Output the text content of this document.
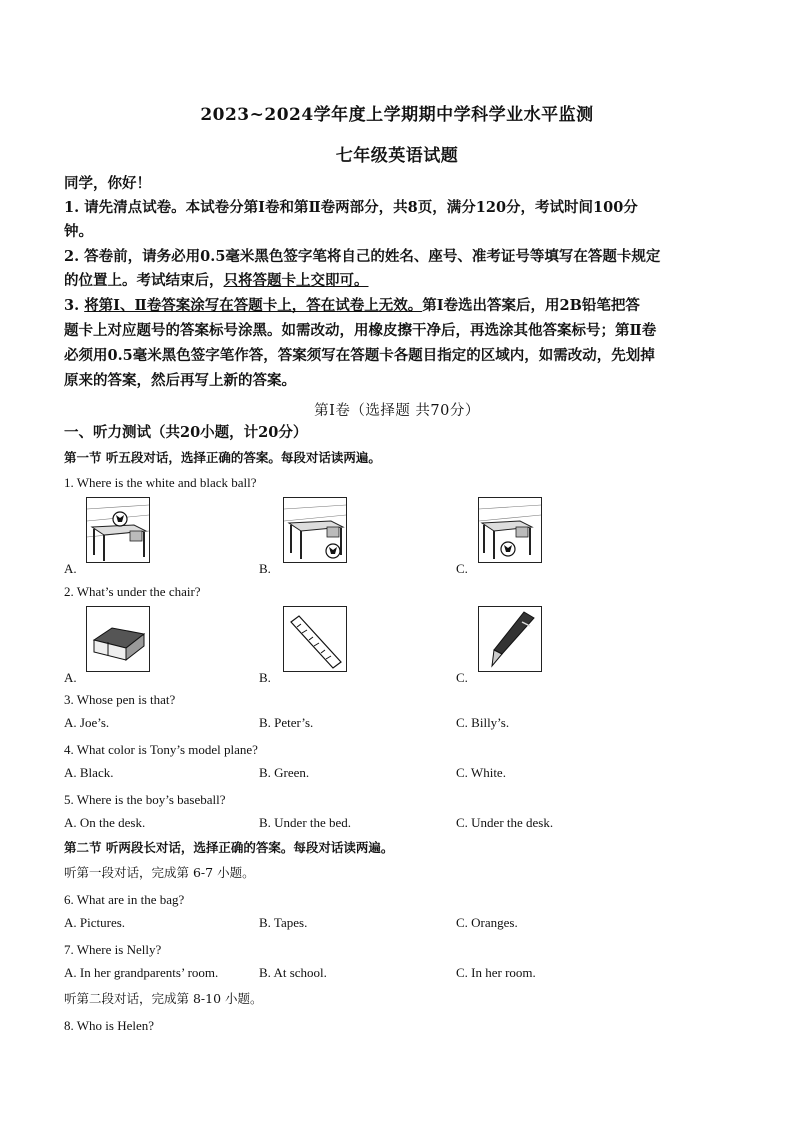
2023~2024学年度上学期期中学科学业水平监测
七年级英语试题
同学，你好！
1. 请先清点试卷。本试卷分第Ⅰ卷和第Ⅱ卷两部分，共8页，满分120分，考试时间100分
钟。
2. 答卷前，请务必用0.5毫米黑色签字笔将自己的姓名、座号、准考证号等填写在答题卡规定
的位置上。考试结束后，只将答题卡上交即可。
3. 将第Ⅰ、Ⅱ卷答案涂写在答题卡上，答在试卷上无效。第Ⅰ卷选出答案后，用2B铅笔把答
题卡上对应题号的答案标号涂黑。如需改动，用橡皮擦干净后，再选涂其他答案标号；第Ⅱ卷
必须用0.5毫米黑色签字笔作答，答案须写在答题卡各题目指定的区域内，如需改动，先划掉
原来的答案，然后再写上新的答案。
第Ⅰ卷（选择题 共70分）
一、听力测试（共20小题，计20分）
第一节 听五段对话，选择正确的答案。每段对话读两遍。
1. Where is the white and black ball?
A.	B.	C.
2. What’s under the chair?
A.	B.	C.
3. Whose pen is that?
A. Joe’s.	B. Peter’s.	C. Billy’s.
4. What color is Tony’s model plane?
A. Black.	B. Green.	C. White.
5. Where is the boy’s baseball?
A. On the desk.	B. Under the bed.	C. Under the desk.
第二节 听两段长对话，选择正确的答案。每段对话读两遍。
听第一段对话，完成第 6-7 小题。
6. What are in the bag?
A. Pictures.	B. Tapes.	C. Oranges.
7. Where is Nelly?
A. In her grandparents’ room.	B. At school.	C. In her room.
听第二段对话，完成第 8-10 小题。
8. Who is Helen?
